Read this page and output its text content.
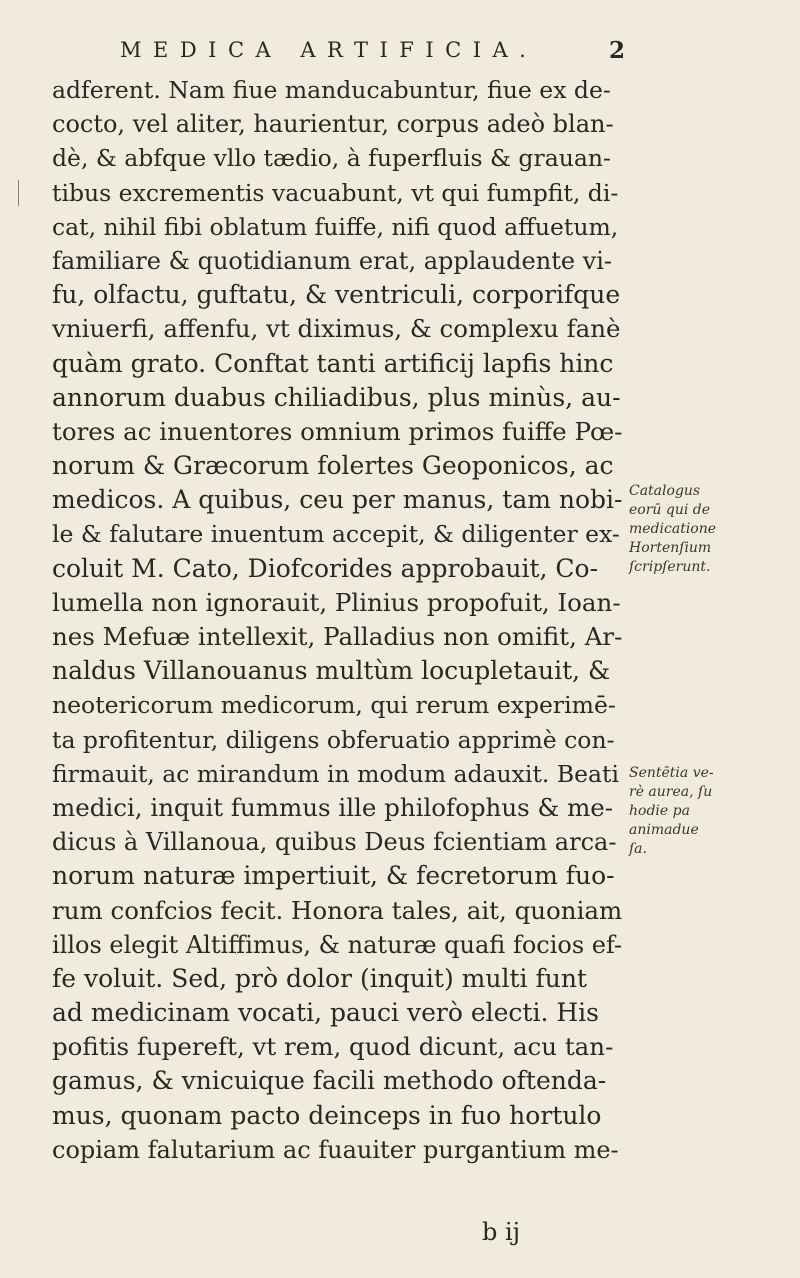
MEDICA ARTIFICIA.	2
adferent. Nam fiue manducabuntur, fiue ex de-
cocto, vel aliter, haurientur, corpus adeò blan-
dè, & abfque vllo tædio, à fuperfluis & grauan-
tibus excrementis vacuabunt, vt qui fumpfit, di-
cat, nihil fibi oblatum fuiffe, nifi quod affuetum,
familiare & quotidianum erat, applaudente vi-
fu, olfactu, guftatu, & ventriculi, corporifque
vniuerfi, affenfu, vt diximus, & complexu fanè
quàm grato. Conftat tanti artificij lapfis hinc
annorum duabus chiliadibus, plus minùs, au-
tores ac inuentores omnium primos fuiffe Pœ-
norum & Græcorum folertes Geoponicos, ac
medicos. A quibus, ceu per manus, tam nobi-
le & falutare inuentum accepit, & diligenter ex-
coluit M. Cato, Diofcorides approbauit, Co-
lumella non ignorauit, Plinius propofuit, Ioan-
nes Mefuæ intellexit, Palladius non omifit, Ar-
naldus Villanouanus multùm locupletauit, &
neotericorum medicorum, qui rerum experimē-
ta profitentur, diligens obferuatio apprimè con-
firmauit, ac mirandum in modum adauxit. Beati
medici, inquit fummus ille philofophus & me-
dicus à Villanoua, quibus Deus fcientiam arca-
norum naturæ impertiuit, & fecretorum fuo-
rum confcios fecit. Honora tales, ait, quoniam
illos elegit Altiffimus, & naturæ quafi focios ef-
fe voluit. Sed, prò dolor (inquit) multi funt
ad medicinam vocati, pauci verò electi. His
pofitis fupereft, vt rem, quod dicunt, acu tan-
gamus, & vnicuique facili methodo oftenda-
mus, quonam pacto deinceps in fuo hortulo
copiam falutarium ac fuauiter purgantium me-
Catalogus
eorū qui de
medicatione
Hortenſium
ſcripſerunt.
Sentētia ve-
rè aurea, ſu
hodie pa
animadue
ſa.
b ij
